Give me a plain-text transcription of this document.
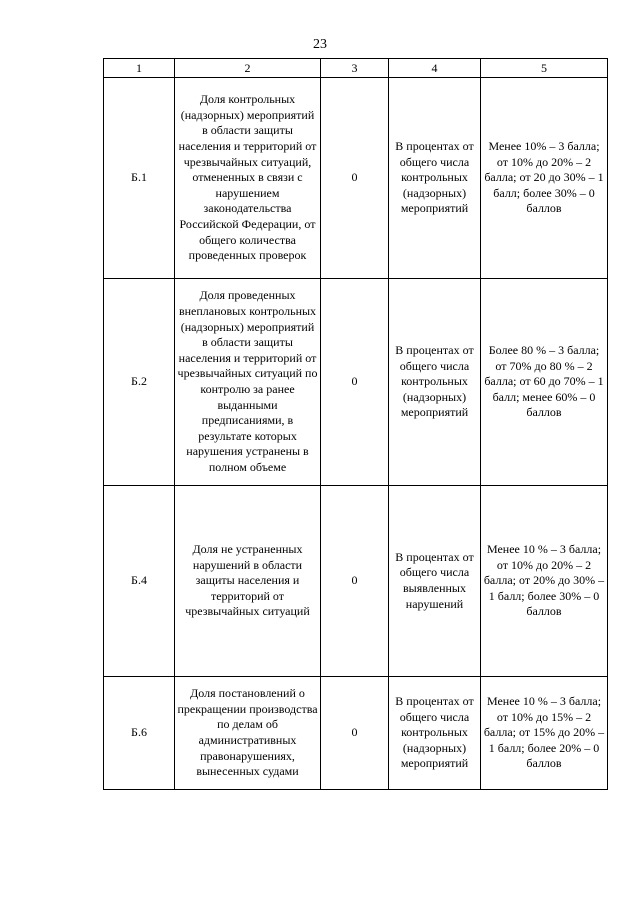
23
1	2	3	4	5
Б.1	Доля контрольных (надзорных) мероприятий в области защиты населения и территорий от чрезвычайных ситуаций, отмененных в связи с нарушением законодательства Российской Федерации, от общего количества проведенных проверок	0	В процентах от общего числа контрольных (надзорных) мероприятий	Менее 10% – 3 балла; от 10% до 20% – 2 балла; от 20 до 30% – 1 балл; более 30% – 0 баллов
Б.2	Доля проведенных внеплановых контрольных (надзорных) мероприятий в области защиты населения и территорий от чрезвычайных ситуаций по контролю за ранее выданными предписаниями, в результате которых нарушения устранены в полном объеме	0	В процентах от общего числа контрольных (надзорных) мероприятий	Более 80 % – 3 балла; от 70% до 80 % – 2 балла; от 60 до 70% – 1 балл; менее 60% – 0 баллов
Б.4	Доля не устраненных нарушений в области защиты населения и территорий от чрезвычайных ситуаций	0	В процентах от общего числа выявленных нарушений	Менее 10 % – 3 балла; от 10% до 20% – 2 балла; от 20% до 30% – 1 балл; более 30% – 0 баллов
Б.6	Доля постановлений о прекращении производства по делам об административных правонарушениях, вынесенных судами	0	В процентах от общего числа контрольных (надзорных) мероприятий	Менее 10 % – 3 балла; от 10% до 15% – 2 балла; от 15% до 20% – 1 балл; более 20% – 0 баллов
